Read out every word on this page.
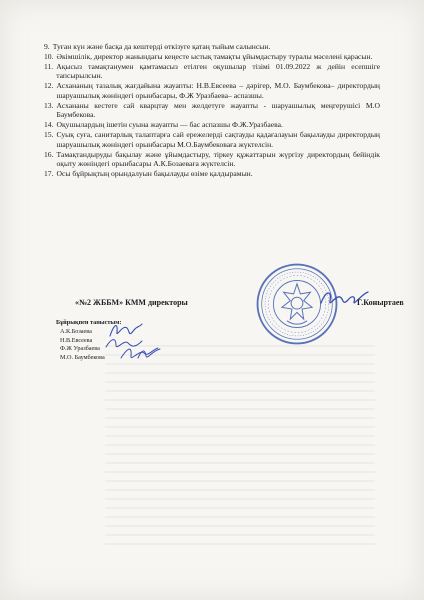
9. Туған күн және басқа да кештерді өткізуге қатаң тыйым салынсын.
10. Әкімшілік, директор жанындағы кеңесте ыстық тамақты ұйымдастыру туралы мәселені қарасын.
11. Ақысыз тамақтанумен қамтамасыз етілген оқушылар тізімі 01.09.2022 ж дейін есепшіге тапсырылсын.
12. Асхананың тазалық жағдайына жауапты: Н.В.Евсеева – дәрігер, М.О. Баумбекова– директордың шаруашылық жөніндегі орынбасары, Ф.Ж Уразбаева– аспазшы.
13. Асхананы кестеге сай кварцтау мен желдетуге жауапты - шаруашылық меңгерушісі М.О Баумбекова.
14. Оқушылардың ішетін суына жауапты — бас аспазшы Ф.Ж.Уразбаева.
15. Суық суға, санитарлық талаптарға сай ережелерді сақтауды қадағалауын бақылауды директордың шаруашылық жөніндегі орынбасары М.О.Баумбековаға жүктелсін.
16. Тамақтандыруды бақылау және ұйымдастыру, тіркеу құжаттарын жүргізу директордың бейіндік оқыту жөніндегі орынбасары А.К.Бозаеваға жүктелсін.
17. Осы бұйрықтың орындалуын бақылауды өзіме қалдырамын.
«№2 ЖББМ» КММ директоры	Г.Коныртаев
Бұйрықпен таныстым:
А.К.Бозаева
Н.В.Евсеева
Ф.Ж Уразбаева
М.О. Баумбекова
